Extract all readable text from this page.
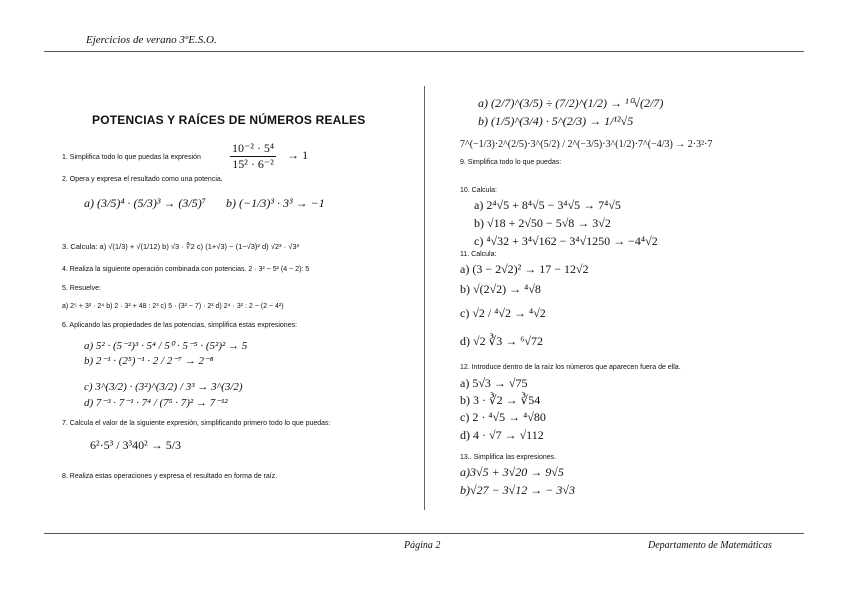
Ejercicios de verano 3ºE.S.O.
POTENCIAS Y RAÍCES DE NÚMEROS REALES
1. Simplifica todo lo que puedas la expresión $\frac{\text{10⁻² · 5⁴}}{\text{15² · 6⁻²}} \to 1$
2. Opera y expresa el resultado como una potencia.
a) (3/5)⁴ · (5/3)³ → (3/5)⁷ b) (−1/3)³ · 3³ → −1
3. Calcula: a) √(1/3) + √(1/12) b) √3 · ∛2 c) (1+√3) − (1−√3)² d) √2³ · √3³
4. Realiza la siguiente operación combinada con potencias. 2 · 3² − 5² (4 − 2): 5
5. Resuelve:
a) 2⁵ + 3² · 2⁴ b) 2 · 3² + 48 : 2³ c) 5 · (3² − 7) · 2² d) 2⁴ · 3² : 2 − (2 − 4²)
6. Aplicando las propiedades de las potencias, simplifica estas expresiones:
a) 5² · (5⁻²)³ · 5⁴ / 5⁰ · 5⁻⁵ · (5²)² → 5
b) 2⁻¹ · (2⁵)⁻¹ · 2 / 2⁻⁷ → 2⁻⁸
c) 3^(3/2) · (3²)^(3/2) / 3³ → 3^(3/2)
d) 7⁻³ · 7⁻¹ · 7⁴ / (7⁵ · 7)² → 7⁻¹²
7. Calcula el valor de la siguiente expresión, simplificando primero todo lo que puedas:
6²·5³ / 3³40² → 5/3
8. Realiza estas operaciones y expresa el resultado en forma de raíz.
a) (2/7)^(3/5) ÷ (7/2)^(1/2) → ¹⁰√(2/7)
b) (1/5)^(3/4) · 5^(2/3) → 1/¹²√5
9. Simplifica todo lo que puedas:
7^(−1/3)·2^(2/5)·3^(5/2) / 2^(−3/5)·3^(1/2)·7^(−4/3) → 2·3²·7
10. Calcula:
a) 2⁴√5 + 8⁴√5 − 3⁴√5 → 7⁴√5
b) √18 + 2√50 − 5√8 → 3√2
c) ⁴√32 + 3⁴√162 − 3⁴√1250 → −4⁴√2
11. Calcula:
a) (3 − 2√2)² → 17 − 12√2
b) √(2√2) → ⁴√8
c) √2 / ⁴√2 → ⁴√2
d) √2 ∛3 → ⁶√72
12. Introduce dentro de la raíz los números que aparecen fuera de ella.
a) 5√3 → √75
b) 3 · ∛2 → ∛54
c) 2 · ⁴√5 → ⁴√80
d) 4 · √7 → √112
13.. Simplifica las expresiones.
a)3√5 + 3√20 → 9√5
b)√27 − 3√12 → − 3√3
Página 2	Departamento de Matemáticas
